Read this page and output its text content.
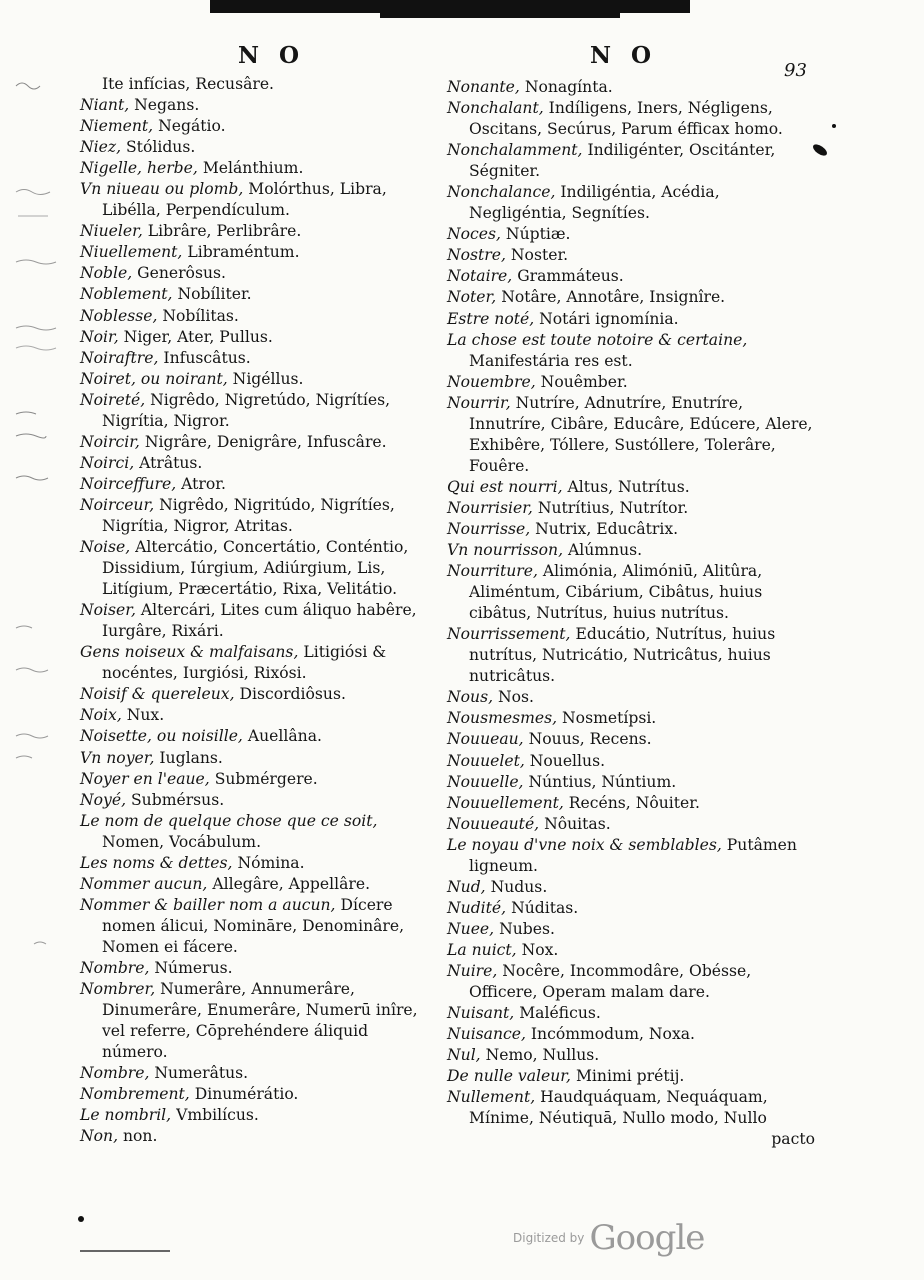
N O	N O
93

Ite infícias, Recusâre.

Niant, Negans.

Niement, Negátio.

Niez, Stólidus.

Nigelle, herbe, Melánthium.

Vn niueau ou plomb, Molórthus, Libra, Libélla, Perpendículum.

Niueler, Librâre, Perlibrâre.

Niuellement, Libraméntum.

Noble, Generôsus.

Noblement, Nobíliter.

Noblesse, Nobílitas.

Noir, Niger, Ater, Pullus.

Noiraftre, Infuscâtus.

Noiret, ou noirant, Nigéllus.

Noireté, Nigrêdo, Nigretúdo, Nigrítíes, Nigrítia, Nigror.

Noircir, Nigrâre, Denigrâre, Infuscâre.

Noirci, Atrâtus.

Noirceffure, Atror.

Noirceur, Nigrêdo, Nigritúdo, Nigrítíes, Nigrítia, Nigror, Atritas.

Noise, Altercátio, Concertátio, Conténtio, Dissidium, Iúrgium, Adiúrgium, Lis, Litígium, Præcertátio, Rixa, Velitátio.

Noiser, Altercári, Lites cum áliquo habêre, Iurgâre, Rixári.

Gens noiseux & malfaisans, Litigiósi & nocéntes, Iurgiósi, Rixósi.

Noisif & quereleux, Discordiôsus.

Noix, Nux.

Noisette, ou noisille, Auellâna.

Vn noyer, Iuglans.

Noyer en l'eaue, Submérgere.

Noyé, Submérsus.

Le nom de quelque chose que ce soit, Nomen, Vocábulum.

Les noms & dettes, Nómina.

Nommer aucun, Allegâre, Appellâre.

Nommer & bailler nom a aucun, Dícere nomen álicui, Nomināre, Denominâre, Nomen ei fácere.

Nombre, Númerus.

Nombrer, Numerâre, Annumerâre, Dinumerâre, Enumerâre, Numerū inîre, vel referre, Cōprehéndere áliquid número.

Nombre, Numerâtus.

Nombrement, Dinumérátio.

Le nombril, Vmbilícus.

Non, non.

Nonante, Nonagínta.

Nonchalant, Indíligens, Iners, Négligens, Oscitans, Secúrus, Parum éfficax homo.

Nonchalamment, Indiligénter, Oscitánter, Ségniter.

Nonchalance, Indiligéntia, Acédia, Negligéntia, Segnítíes.

Noces, Núptiæ.

Nostre, Noster.

Notaire, Grammáteus.

Noter, Notâre, Annotâre, Insignîre.

Estre noté, Notári ignomínia.

La chose est toute notoire & certaine, Manifestária res est.

Nouembre, Nouêmber.

Nourrir, Nutríre, Adnutríre, Enutríre, Innutríre, Cibâre, Educâre, Edúcere, Alere, Exhibêre, Tóllere, Sustóllere, Tolerâre, Fouêre.

Qui est nourri, Altus, Nutrítus.

Nourrisier, Nutrítius, Nutrítor.

Nourrisse, Nutrix, Educâtrix.

Vn nourrisson, Alúmnus.

Nourriture, Alimónia, Alimóniū, Alitûra, Aliméntum, Cibárium, Cibâtus, huius cibâtus, Nutrítus, huius nutrítus.

Nourrissement, Educátio, Nutrítus, huius nutrítus, Nutricátio, Nutricâtus, huius nutricâtus.

Nous, Nos.

Nousmesmes, Nosmetípsi.

Nouueau, Nouus, Recens.

Nouuelet, Nouellus.

Nouuelle, Núntius, Núntium.

Nouuellement, Recéns, Nôuiter.

Nouueauté, Nôuitas.

Le noyau d'vne noix & semblables, Putâmen ligneum.

Nud, Nudus.

Nudité, Núditas.

Nuee, Nubes.

La nuict, Nox.

Nuire, Nocêre, Incommodâre, Obésse, Officere, Operam malam dare.

Nuisant, Maléficus.

Nuisance, Incómmodum, Noxa.

Nul, Nemo, Nullus.

De nulle valeur, Minimi prétij.

Nullement, Haudquáquam, Nequáquam, Mínime, Néutiquā, Nullo modo, Nullo
pacto

Digitized by Google
